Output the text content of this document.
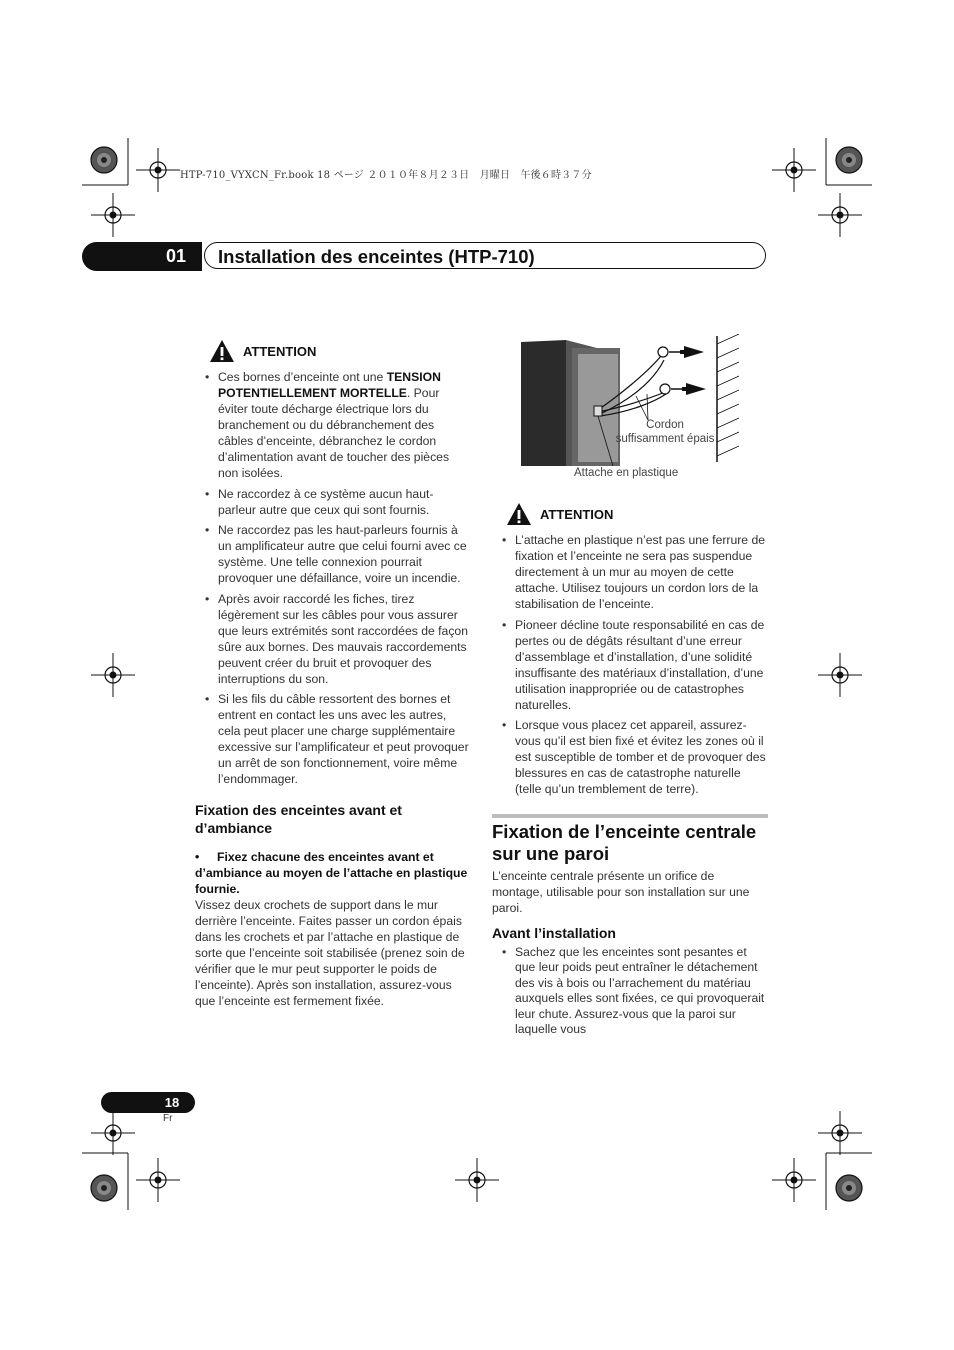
HTP-710_VYXCN_Fr.book 18 ページ ２０１０年８月２３日　月曜日　午後６時３７分
01	Installation des enceintes (HTP-710)
ATTENTION
• Ces bornes d’enceinte ont une TENSION POTENTIELLEMENT MORTELLE. Pour éviter toute décharge électrique lors du branchement ou du débranchement des câbles d’enceinte, débranchez le cordon d’alimentation avant de toucher des pièces non isolées.
• Ne raccordez à ce système aucun haut-parleur autre que ceux qui sont fournis.
• Ne raccordez pas les haut-parleurs fournis à un amplificateur autre que celui fourni avec ce système. Une telle connexion pourrait provoquer une défaillance, voire un incendie.
• Après avoir raccordé les fiches, tirez légèrement sur les câbles pour vous assurer que leurs extrémités sont raccordées de façon sûre aux bornes. Des mauvais raccordements peuvent créer du bruit et provoquer des interruptions du son.
• Si les fils du câble ressortent des bornes et entrent en contact les uns avec les autres, cela peut placer une charge supplémentaire excessive sur l’amplificateur et peut provoquer un arrêt de son fonctionnement, voire même l’endommager.
Fixation des enceintes avant et d’ambiance
• Fixez chacune des enceintes avant et d’ambiance au moyen de l’attache en plastique fournie.

Vissez deux crochets de support dans le mur derrière l’enceinte. Faites passer un cordon épais dans les crochets et par l’attache en plastique de sorte que l’enceinte soit stabilisée (prenez soin de vérifier que le mur peut supporter le poids de l’enceinte). Après son installation, assurez-vous que l’enceinte est fermement fixée.

Cordon suffisamment épais
Attache en plastique
ATTENTION
• L’attache en plastique n’est pas une ferrure de fixation et l’enceinte ne sera pas suspendue directement à un mur au moyen de cette attache. Utilisez toujours un cordon lors de la stabilisation de l’enceinte.
• Pioneer décline toute responsabilité en cas de pertes ou de dégâts résultant d’une erreur d’assemblage et d’installation, d’une solidité insuffisante des matériaux d’installation, d’une utilisation inappropriée ou de catastrophes naturelles.
• Lorsque vous placez cet appareil, assurez-vous qu’il est bien fixé et évitez les zones où il est susceptible de tomber et de provoquer des blessures en cas de catastrophe naturelle (telle qu’un tremblement de terre).
Fixation de l’enceinte centrale sur une paroi

L’enceinte centrale présente un orifice de montage, utilisable pour son installation sur une paroi.

Avant l’installation
• Sachez que les enceintes sont pesantes et que leur poids peut entraîner le détachement des vis à bois ou l’arrachement du matériau auxquels elles sont fixées, ce qui provoquerait leur chute. Assurez-vous que la paroi sur laquelle vous
18
Fr
